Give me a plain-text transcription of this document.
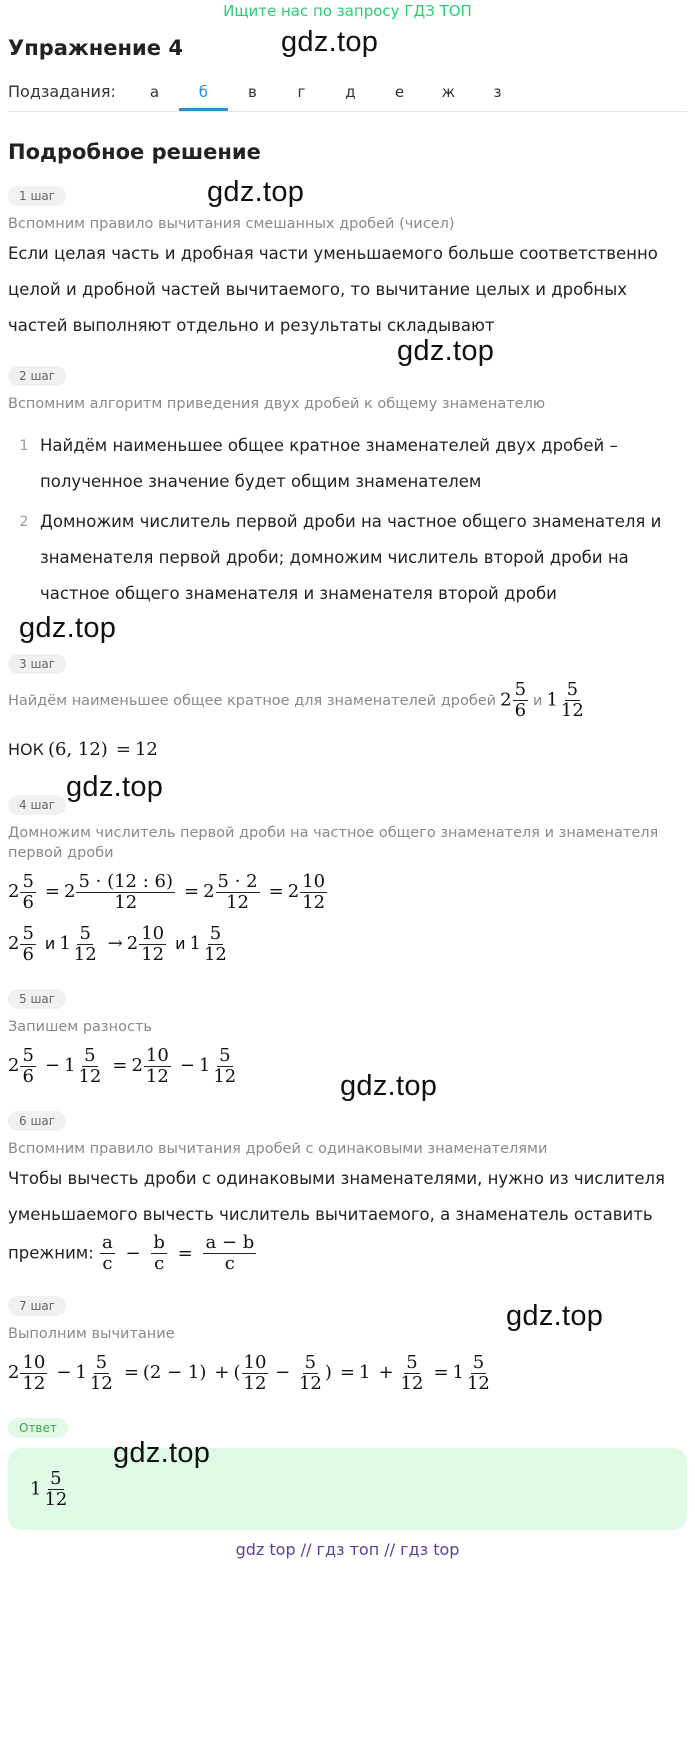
Ищите нас по запросу ГДЗ ТОП
gdz.top
gdz.top
gdz.top
gdz.top
gdz.top
gdz.top
gdz.top
gdz.top
Упражнение 4
Подзадания:	а	б	в	г	д	е	ж	з
Подробное решение
1 шаг
Вспомним правило вычитания смешанных дробей (чисел)
Если целая часть и дробная части уменьшаемого больше соответственно целой и дробной частей вычитаемого, то вычитание целых и дробных частей выполняют отдельно и результаты складывают
2 шаг
Вспомним алгоритм приведения двух дробей к общему знаменателю
1 Найдём наименьшее общее кратное знаменателей двух дробей – полученное значение будет общим знаменателем
2 Домножим числитель первой дроби на частное общего знаменателя и знаменателя первой дроби; домножим числитель второй дроби на частное общего знаменателя и знаменателя второй дроби
3 шаг
Найдём наименьшее общее кратное для знаменателей дробей $2 \frac{5}{6}$ и $1 \frac{5}{12}$
НОК (6, 12) = 12
4 шаг
Домножим числитель первой дроби на частное общего знаменателя и знаменателя первой дроби
$2 \frac{5}{6} = 2 \frac{5 \cdot (12 : 6)}{12} = 2 \frac{5 \cdot 2}{12} = 2 \frac{10}{12}$
$2 \frac{5}{6}$ и $1 \frac{5}{12} \to 2 \frac{10}{12}$ и $1 \frac{5}{12}$
5 шаг
Запишем разность
$2 \frac{5}{6} - 1 \frac{5}{12} = 2 \frac{10}{12} - 1 \frac{5}{12}$
6 шаг
Вспомним правило вычитания дробей с одинаковыми знаменателями
Чтобы вычесть дроби с одинаковыми знаменателями, нужно из числителя уменьшаемого вычесть числитель вычитаемого, а знаменатель оставить прежним: $\frac{a}{c} - \frac{b}{c} = \frac{a - b}{c}$
7 шаг
Выполним вычитание
$2 \frac{10}{12} - 1 \frac{5}{12} = (2 - 1)$ + ( $\frac{10}{12} - \frac{5}{12}$ ) = $1 + \frac{5}{12} = 1 \frac{5}{12}$
Ответ
$1 \frac{5}{12}$
gdz top // гдз топ // гдз top
